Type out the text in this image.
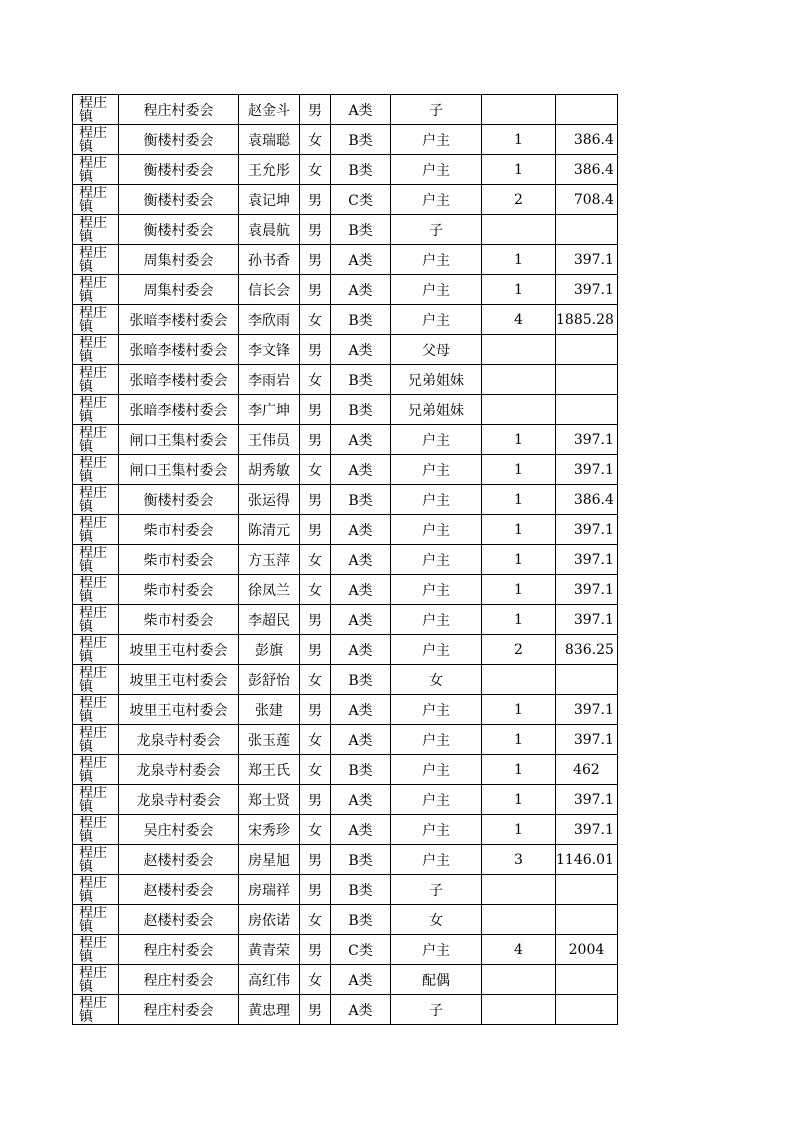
程庄镇	程庄村委会	赵金斗	男	A类	子		

程庄镇	衡楼村委会	袁瑞聪	女	B类	户主	1	386.4

程庄镇	衡楼村委会	王允彤	女	B类	户主	1	386.4

程庄镇	衡楼村委会	袁记坤	男	C类	户主	2	708.4

程庄镇	衡楼村委会	袁晨航	男	B类	子		

程庄镇	周集村委会	孙书香	男	A类	户主	1	397.1

程庄镇	周集村委会	信长会	男	A类	户主	1	397.1

程庄镇	张暗李楼村委会	李欣雨	女	B类	户主	4	1885.28

程庄镇	张暗李楼村委会	李文锋	男	A类	父母		

程庄镇	张暗李楼村委会	李雨岩	女	B类	兄弟姐妹		

程庄镇	张暗李楼村委会	李广坤	男	B类	兄弟姐妹		

程庄镇	闸口王集村委会	王伟员	男	A类	户主	1	397.1

程庄镇	闸口王集村委会	胡秀敏	女	A类	户主	1	397.1

程庄镇	衡楼村委会	张运得	男	B类	户主	1	386.4

程庄镇	柴市村委会	陈清元	男	A类	户主	1	397.1

程庄镇	柴市村委会	方玉萍	女	A类	户主	1	397.1

程庄镇	柴市村委会	徐凤兰	女	A类	户主	1	397.1

程庄镇	柴市村委会	李超民	男	A类	户主	1	397.1

程庄镇	坡里王屯村委会	彭旗	男	A类	户主	2	836.25

程庄镇	坡里王屯村委会	彭舒怡	女	B类	女		

程庄镇	坡里王屯村委会	张建	男	A类	户主	1	397.1

程庄镇	龙泉寺村委会	张玉莲	女	A类	户主	1	397.1

程庄镇	龙泉寺村委会	郑王氏	女	B类	户主	1	462

程庄镇	龙泉寺村委会	郑士贤	男	A类	户主	1	397.1

程庄镇	吴庄村委会	宋秀珍	女	A类	户主	1	397.1

程庄镇	赵楼村委会	房星旭	男	B类	户主	3	1146.01

程庄镇	赵楼村委会	房瑞祥	男	B类	子		

程庄镇	赵楼村委会	房依诺	女	B类	女		

程庄镇	程庄村委会	黄青荣	男	C类	户主	4	2004

程庄镇	程庄村委会	高红伟	女	A类	配偶		

程庄镇	程庄村委会	黄忠理	男	A类	子		
